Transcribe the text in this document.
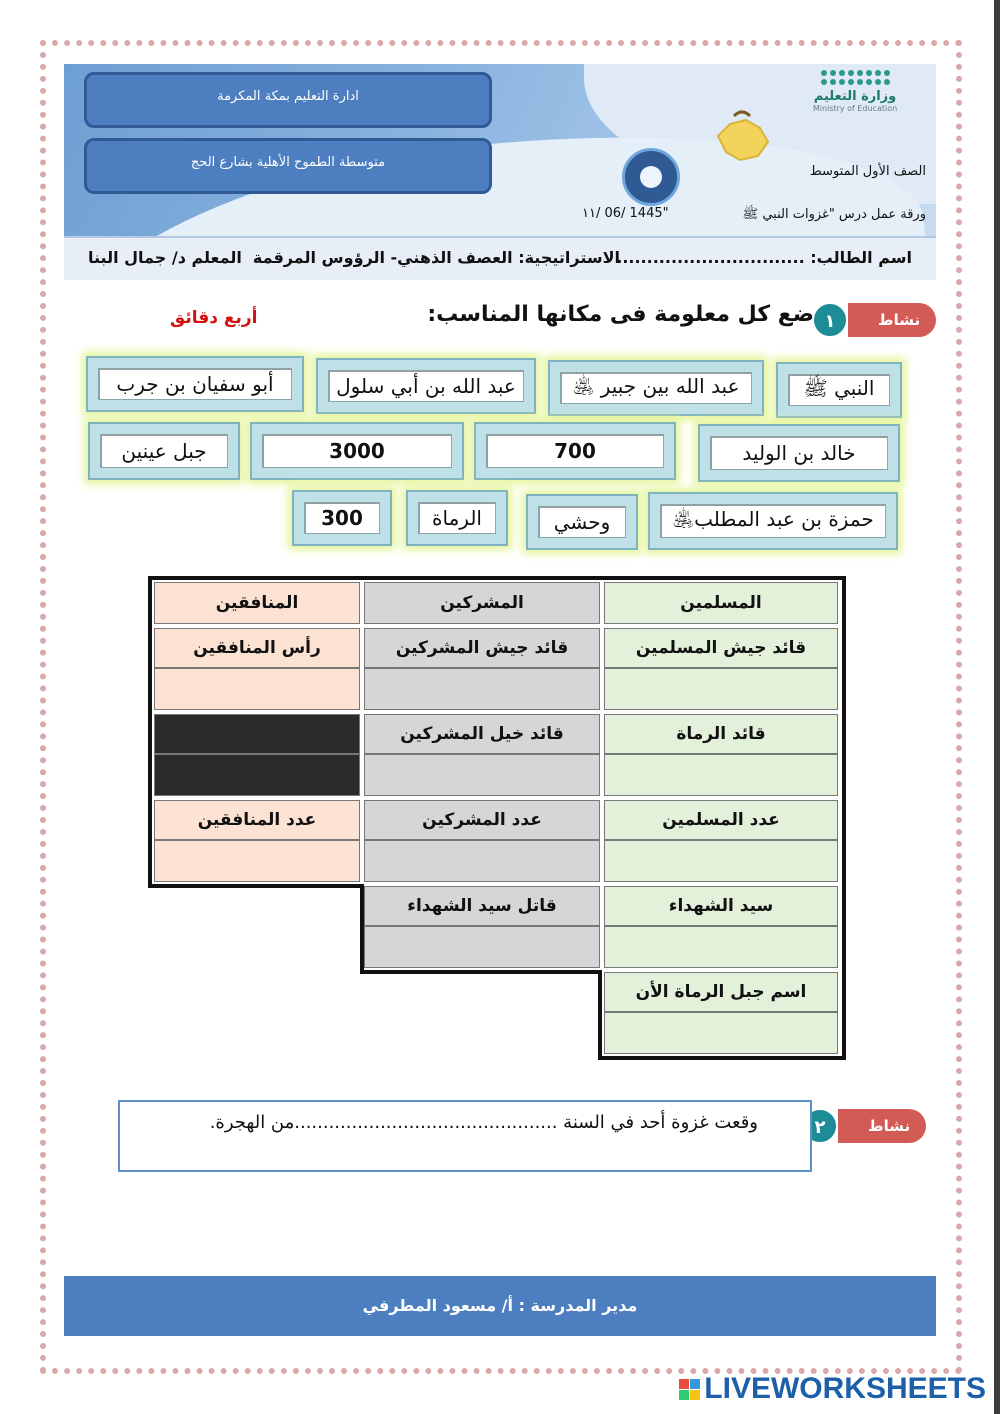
ادارة التعليم بمكة المكرمة
متوسطة الطموح الأهلية بشارع الحج
وزارة التعليم
Ministry of Education
الصف الأول المتوسط
ورقة عمل درس "غزوات النبي ﷺ
١١/ 06/ 1445"
اسم الطالب: ...............................
الاستراتيجية: العصف الذهني- الرؤوس المرقمة
المعلم د/ جمال البنا
نشاط
١
ضع كل معلومة فى مكانها المناسب:
أربع دقائق
النبي ﷺ
عبد الله بين جبير ﵁
عبد الله بن أبي سلول
أبو سفيان بن جرب
خالد بن الوليد
700
3000
جبل عينين
حمزة بن عبد المطلب﵁
وحشي
الرماة
300
المسلمين
المشركين
المنافقين
قائد جيش المسلمين
قائد جيش المشركين
رأس المنافقين
قائد الرماة
قائد خيل المشركين
عدد المسلمين
عدد المشركين
عدد المنافقين
سيد الشهداء
قاتل سيد الشهداء
اسم جبل الرماة الأن
نشاط
٢
وقعت غزوة أحد في السنة ..............................................من الهجرة.
مدير المدرسة : أ/ مسعود المطرفي
LIVEWORKSHEETS
